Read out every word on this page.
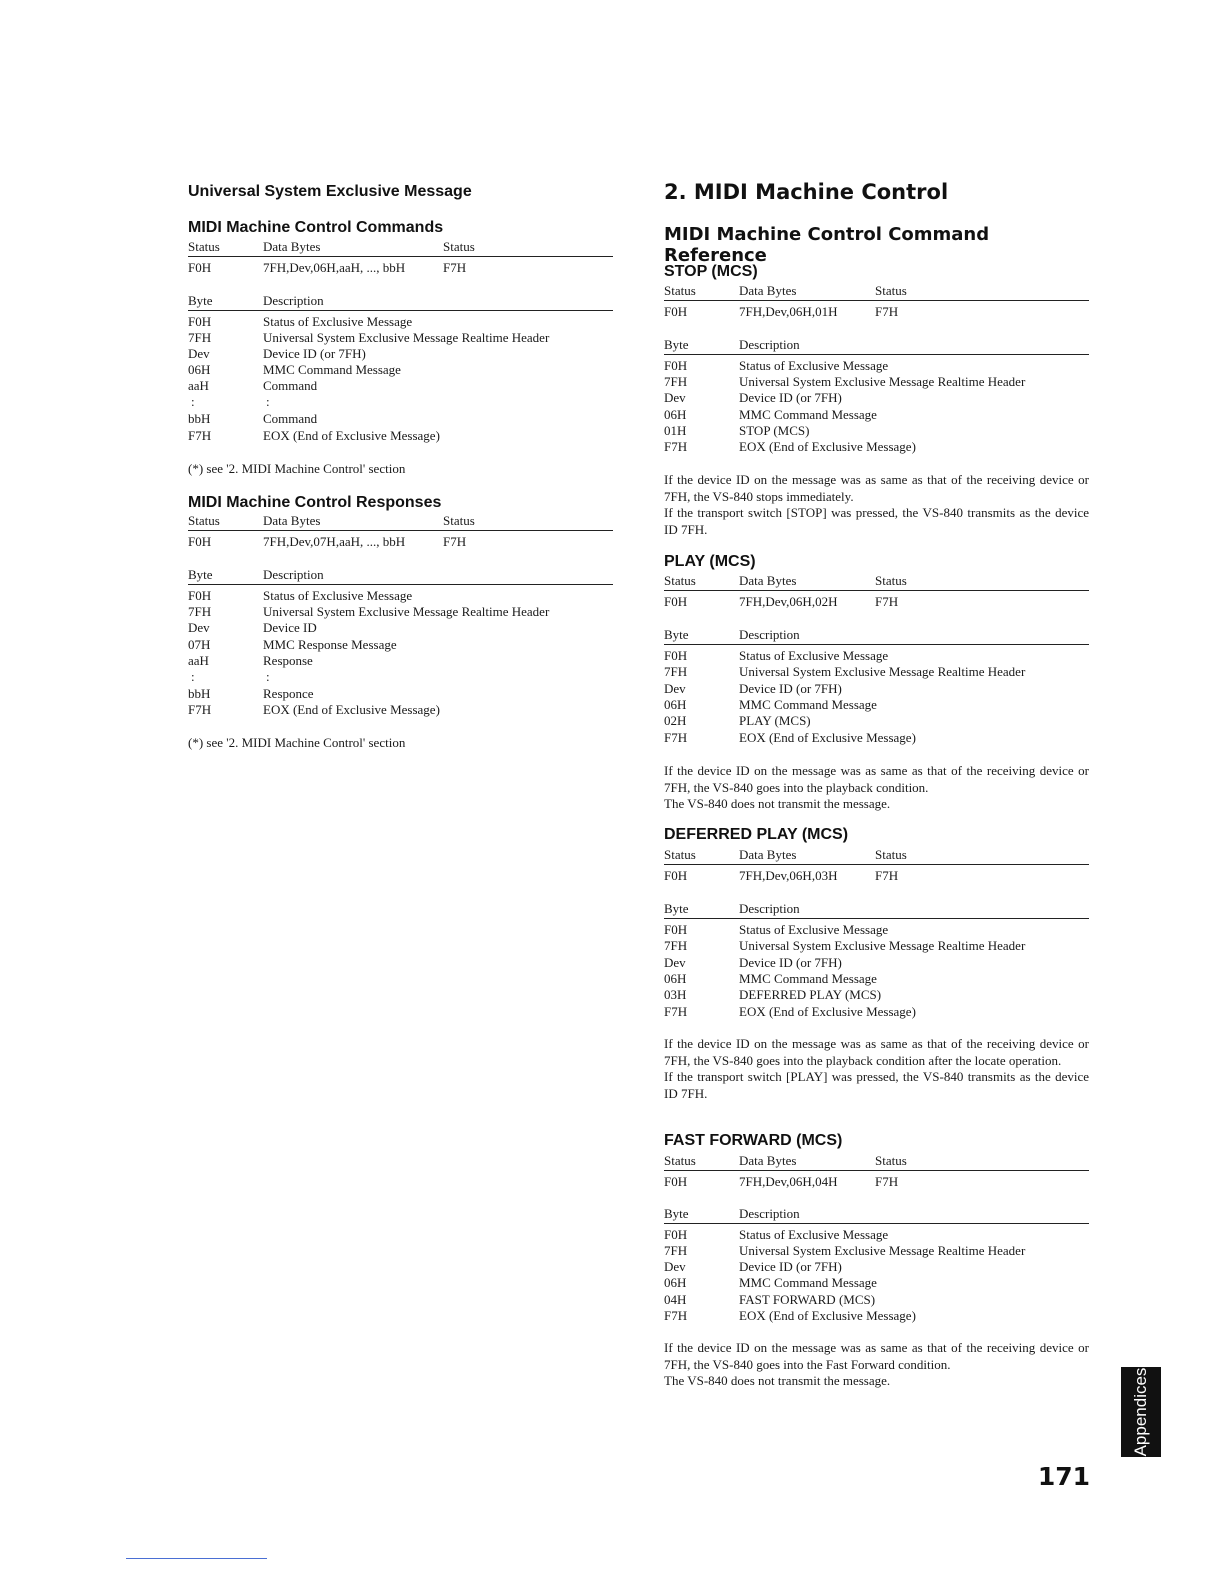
Universal System Exclusive Message
MIDI Machine Control Commands
Status	Data Bytes	Status
F0H	7FH,Dev,06H,aaH, ..., bbH	F7H
Byte	Description
F0H	Status of Exclusive Message
7FH	Universal System Exclusive Message Realtime Header
Dev	Device ID (or 7FH)
06H	MMC Command Message
aaH	Command
:	:
bbH	Command
F7H	EOX (End of Exclusive Message)
(*) see '2. MIDI Machine Control' section
MIDI Machine Control Responses
Status	Data Bytes	Status
F0H	7FH,Dev,07H,aaH, ..., bbH	F7H
Byte	Description
F0H	Status of Exclusive Message
7FH	Universal System Exclusive Message Realtime Header
Dev	Device ID
07H	MMC Response Message
aaH	Response
:	:
bbH	Responce
F7H	EOX (End of Exclusive Message)
(*) see '2. MIDI Machine Control' section
2. MIDI Machine Control
MIDI Machine Control Command Reference
STOP (MCS)
Status	Data Bytes	Status
F0H	7FH,Dev,06H,01H	F7H
Byte	Description
F0H	Status of Exclusive Message
7FH	Universal System Exclusive Message Realtime Header
Dev	Device ID (or 7FH)
06H	MMC Command Message
01H	STOP (MCS)
F7H	EOX (End of Exclusive Message)

If the device ID on the message was as same as that of the receiving device or 7FH, the VS-840 stops immediately.

If the transport switch [STOP] was pressed, the VS-840 transmits as the device ID 7FH.

PLAY (MCS)
Status	Data Bytes	Status
F0H	7FH,Dev,06H,02H	F7H
Byte	Description
F0H	Status of Exclusive Message
7FH	Universal System Exclusive Message Realtime Header
Dev	Device ID (or 7FH)
06H	MMC Command Message
02H	PLAY (MCS)
F7H	EOX (End of Exclusive Message)

If the device ID on the message was as same as that of the receiving device or 7FH, the VS-840 goes into the playback condition.

The VS-840 does not transmit the message.

DEFERRED PLAY (MCS)
Status	Data Bytes	Status
F0H	7FH,Dev,06H,03H	F7H
Byte	Description
F0H	Status of Exclusive Message
7FH	Universal System Exclusive Message Realtime Header
Dev	Device ID (or 7FH)
06H	MMC Command Message
03H	DEFERRED PLAY (MCS)
F7H	EOX (End of Exclusive Message)

If the device ID on the message was as same as that of the receiving device or 7FH, the VS-840 goes into the playback condition after the locate operation.

If the transport switch [PLAY] was pressed, the VS-840 transmits as the device ID 7FH.

FAST FORWARD (MCS)
Status	Data Bytes	Status
F0H	7FH,Dev,06H,04H	F7H
Byte	Description
F0H	Status of Exclusive Message
7FH	Universal System Exclusive Message Realtime Header
Dev	Device ID (or 7FH)
06H	MMC Command Message
04H	FAST FORWARD (MCS)
F7H	EOX (End of Exclusive Message)

If the device ID on the message was as same as that of the receiving device or 7FH, the VS-840 goes into the Fast Forward condition.

The VS-840 does not transmit the message.	Appendices
171
